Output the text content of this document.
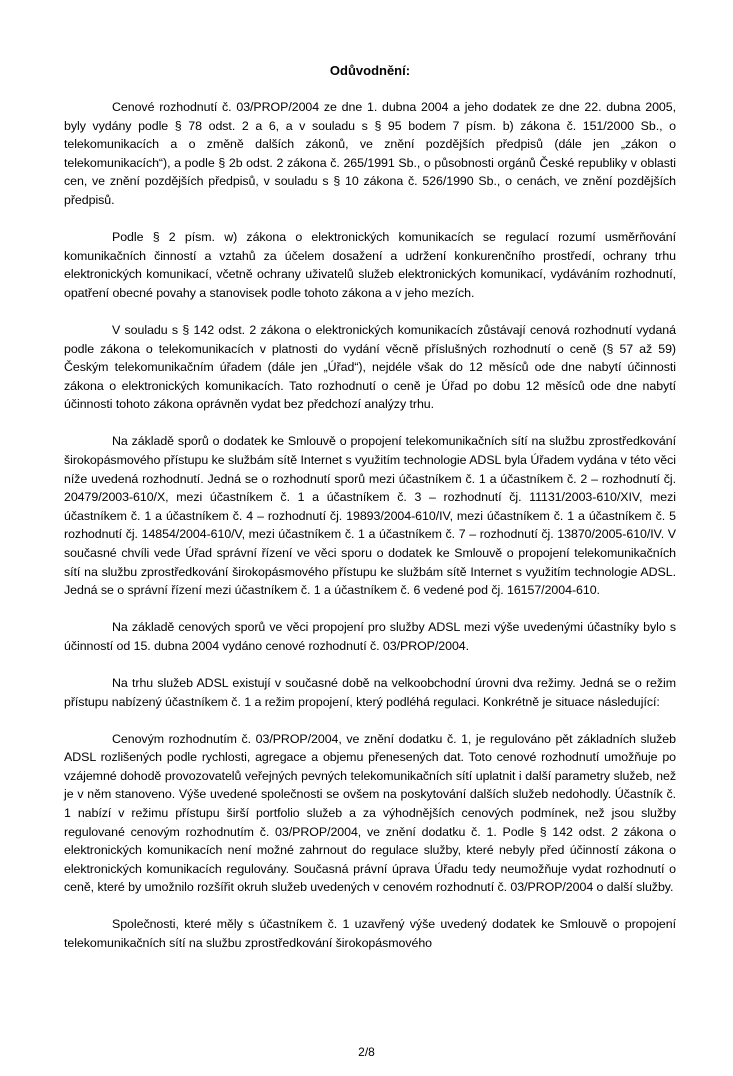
Odůvodnění:

Cenové rozhodnutí č. 03/PROP/2004 ze dne 1. dubna 2004 a jeho dodatek ze dne 22. dubna 2005, byly vydány podle § 78 odst. 2 a 6, a v souladu s § 95 bodem 7 písm. b) zákona č. 151/2000 Sb., o telekomunikacích a o změně dalších zákonů, ve znění pozdějších předpisů (dále jen „zákon o telekomunikacích“), a podle § 2b odst. 2 zákona č. 265/1991 Sb., o působnosti orgánů České republiky v oblasti cen, ve znění pozdějších předpisů, v souladu s § 10 zákona č. 526/1990 Sb., o cenách, ve znění pozdějších předpisů.

Podle § 2 písm. w) zákona o elektronických komunikacích se regulací rozumí usměrňování komunikačních činností a vztahů za účelem dosažení a udržení konkurenčního prostředí, ochrany trhu elektronických komunikací, včetně ochrany uživatelů služeb elektronických komunikací, vydáváním rozhodnutí, opatření obecné povahy a stanovisek podle tohoto zákona a v jeho mezích.

V souladu s § 142 odst. 2 zákona o elektronických komunikacích zůstávají cenová rozhodnutí vydaná podle zákona o telekomunikacích v platnosti do vydání věcně příslušných rozhodnutí o ceně (§ 57 až 59) Českým telekomunikačním úřadem (dále jen „Úřad“), nejdéle však do 12 měsíců ode dne nabytí účinnosti zákona o elektronických komunikacích. Tato rozhodnutí o ceně je Úřad po dobu 12 měsíců ode dne nabytí účinnosti tohoto zákona oprávněn vydat bez předchozí analýzy trhu.

Na základě sporů o dodatek ke Smlouvě o propojení telekomunikačních sítí na službu zprostředkování širokopásmového přístupu ke službám sítě Internet s využitím technologie ADSL byla Úřadem vydána v této věci níže uvedená rozhodnutí. Jedná se o rozhodnutí sporů mezi účastníkem č. 1 a účastníkem č. 2 – rozhodnutí čj. 20479/2003-610/X, mezi účastníkem č. 1 a účastníkem č. 3 – rozhodnutí čj. 11131/2003-610/XIV, mezi účastníkem č. 1 a účastníkem č. 4 – rozhodnutí čj. 19893/2004-610/IV, mezi účastníkem č. 1 a účastníkem č. 5 rozhodnutí čj. 14854/2004-610/V, mezi účastníkem č. 1 a účastníkem č. 7 – rozhodnutí čj. 13870/2005-610/IV. V současné chvíli vede Úřad správní řízení ve věci sporu o dodatek ke Smlouvě o propojení telekomunikačních sítí na službu zprostředkování širokopásmového přístupu ke službám sítě Internet s využitím technologie ADSL. Jedná se o správní řízení mezi účastníkem č. 1 a účastníkem č. 6 vedené pod čj. 16157/2004-610.

Na základě cenových sporů ve věci propojení pro služby ADSL mezi výše uvedenými účastníky bylo s účinností od 15. dubna 2004 vydáno cenové rozhodnutí č. 03/PROP/2004.

Na trhu služeb ADSL existují v současné době na velkoobchodní úrovni dva režimy. Jedná se o režim přístupu nabízený účastníkem č. 1 a režim propojení, který podléhá regulaci. Konkrétně je situace následující:

Cenovým rozhodnutím č. 03/PROP/2004, ve znění dodatku č. 1, je regulováno pět základních služeb ADSL rozlišených podle rychlosti, agregace a objemu přenesených dat. Toto cenové rozhodnutí umožňuje po vzájemné dohodě provozovatelů veřejných pevných telekomunikačních sítí uplatnit i další parametry služeb, než je v něm stanoveno. Výše uvedené společnosti se ovšem na poskytování dalších služeb nedohodly. Účastník č. 1 nabízí v režimu přístupu širší portfolio služeb a za výhodnějších cenových podmínek, než jsou služby regulované cenovým rozhodnutím č. 03/PROP/2004, ve znění dodatku č. 1. Podle § 142 odst. 2 zákona o elektronických komunikacích není možné zahrnout do regulace služby, které nebyly před účinností zákona o elektronických komunikacích regulovány. Současná právní úprava Úřadu tedy neumožňuje vydat rozhodnutí o ceně, které by umožnilo rozšířit okruh služeb uvedených v cenovém rozhodnutí č. 03/PROP/2004 o další služby.

Společnosti, které měly s účastníkem č. 1 uzavřený výše uvedený dodatek ke Smlouvě o propojení telekomunikačních sítí na službu zprostředkování širokopásmového

2/8
